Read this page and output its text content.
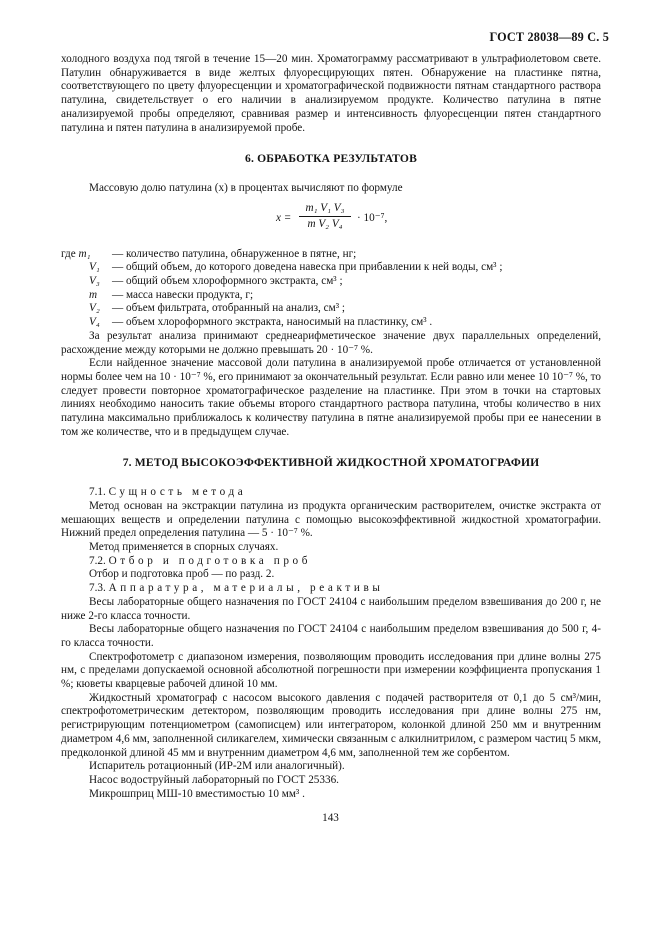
ГОСТ 28038—89 С. 5

холодного воздуха под тягой в течение 15—20 мин. Хроматограмму рассматривают в ультрафиолетовом свете. Патулин обнаруживается в виде желтых флуоресцирующих пятен. Обнаружение на пластинке пятна, соответствующего по цвету флуоресценции и хроматографической подвижности пятнам стандартного раствора патулина, свидетельствует о его наличии в анализируемом продукте. Количество патулина в пятне анализируемой пробы определяют, сравнивая размер и интенсивность флуоресценции пятен стандартного патулина и пятен патулина в анализируемой пробе.

6. ОБРАБОТКА РЕЗУЛЬТАТОВ

Массовую долю патулина (x) в процентах вычисляют по формуле

$x = \frac{\text{m₁ V₁ V₃}}{\text{m V₂ V₄}} \cdot 10^{-7}$,
где m₁	— количество патулина, обнаруженное в пятне, нг;
V₁	— общий объем, до которого доведена навеска при прибавлении к ней воды, см³ ;
V₃	— общий объем хлороформного экстракта, см³ ;
m	— масса навески продукта, г;
V₂	— объем фильтрата, отобранный на анализ, см³ ;
V₄	— объем хлороформного экстракта, наносимый на пластинку, см³ .

За результат анализа принимают среднеарифметическое значение двух параллельных определений, расхождение между которыми не должно превышать 20 · 10⁻⁷ %.

Если найденное значение массовой доли патулина в анализируемой пробе отличается от установленной нормы более чем на 10 · 10⁻⁷ %, его принимают за окончательный результат. Если равно или менее 10 10⁻⁷ %, то следует провести повторное хроматографическое разделение на пластинке. При этом в точки на стартовых линиях необходимо наносить такие объемы второго стандартного раствора патулина, чтобы количество в них патулина максимально приближалось к количеству патулина в пятне анализируемой пробы при ее нанесении в том же количестве, что и в предыдущем случае.

7. МЕТОД ВЫСОКОЭФФЕКТИВНОЙ ЖИДКОСТНОЙ ХРОМАТОГРАФИИ

7.1. Сущность метода

Метод основан на экстракции патулина из продукта органическим растворителем, очистке экстракта от мешающих веществ и определении патулина с помощью высокоэффективной жидкостной хроматографии. Нижний предел определения патулина — 5 · 10⁻⁷ %.

Метод применяется в спорных случаях.

7.2. Отбор и подготовка проб

Отбор и подготовка проб — по разд. 2.

7.3. Аппаратура, материалы, реактивы

Весы лабораторные общего назначения по ГОСТ 24104 с наибольшим пределом взвешивания до 200 г, не ниже 2-го класса точности.

Весы лабораторные общего назначения по ГОСТ 24104 с наибольшим пределом взвешивания до 500 г, 4-го класса точности.

Спектрофотометр с диапазоном измерения, позволяющим проводить исследования при длине волны 275 нм, с пределами допускаемой основной абсолютной погрешности при измерении коэффициента пропускания 1 %; кюветы кварцевые рабочей длиной 10 мм.

Жидкостный хроматограф с насосом высокого давления с подачей растворителя от 0,1 до 5 см³/мин, спектрофотометрическим детектором, позволяющим проводить исследования при длине волны 275 нм, регистрирующим потенциометром (самописцем) или интегратором, колонкой длиной 250 мм и внутренним диаметром 4,6 мм, заполненной силикагелем, химически связанным с алкилнитрилом, с размером частиц 5 мкм, предколонкой длиной 45 мм и внутренним диаметром 4,6 мм, заполненной тем же сорбентом.

Испаритель ротационный (ИР-2М или аналогичный).

Насос водоструйный лабораторный по ГОСТ 25336.

Микрошприц МШ-10 вместимостью 10 мм³ .

143
